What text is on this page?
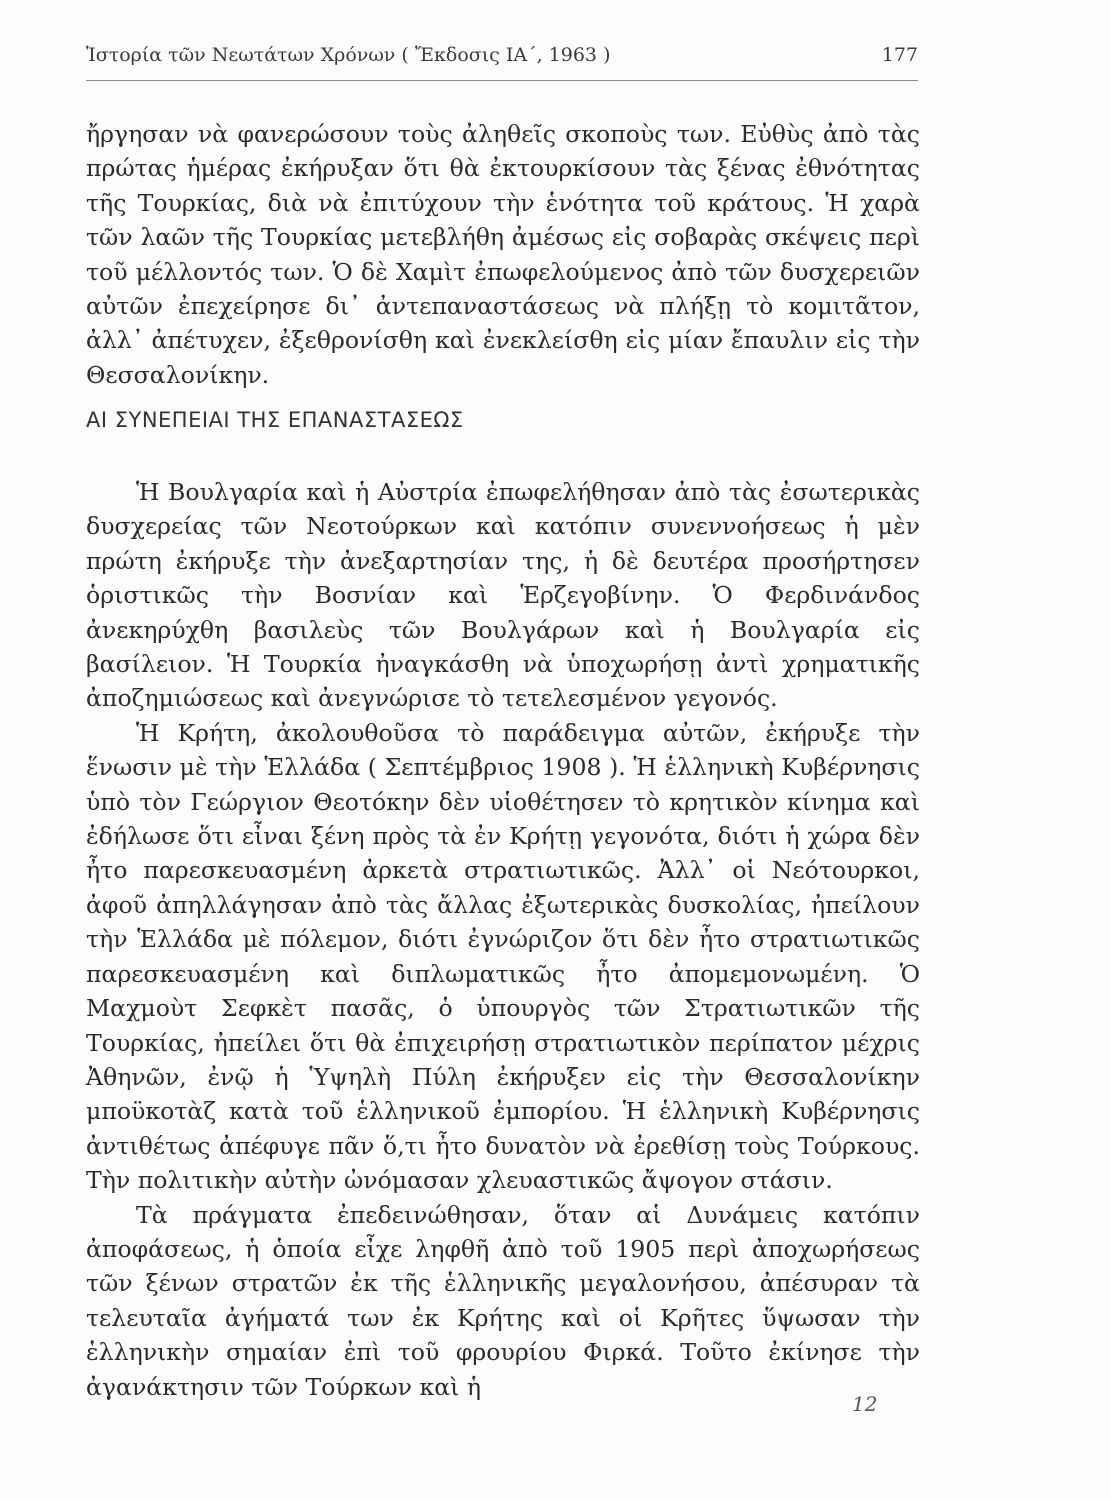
Ἱστορία τῶν Νεωτάτων Χρόνων ( Ἔκδοσις ΙΑ΄, 1963 )	177

ἤργησαν νὰ φανερώσουν τοὺς ἀληθεῖς σκοποὺς των. Εὐθὺς ἀπὸ τὰς πρώτας ἡμέρας ἐκήρυξαν ὅτι θὰ ἐκτουρκίσουν τὰς ξένας ἐθνότητας τῆς Τουρκίας, διὰ νὰ ἐπιτύχουν τὴν ἑνότητα τοῦ κράτους. Ἡ χαρὰ τῶν λαῶν τῆς Τουρκίας μετεβλήθη ἀμέσως εἰς σοβαρὰς σκέψεις περὶ τοῦ μέλλοντός των. Ὁ δὲ Χαμὶτ ἐπωφελούμενος ἀπὸ τῶν δυσχερειῶν αὐτῶν ἐπεχείρησε δι᾿ ἀντεπαναστάσεως νὰ πλήξῃ τὸ κομιτᾶτον, ἀλλ᾿ ἀπέτυχεν, ἐξεθρονίσθη καὶ ἐνεκλείσθη εἰς μίαν ἔπαυλιν εἰς τὴν Θεσσαλονίκην.

ΑΙ ΣΥΝΕΠΕΙΑΙ ΤΗΣ ΕΠΑΝΑΣΤΑΣΕΩΣ

Ἡ Βουλγαρία καὶ ἡ Αὐστρία ἐπωφελήθησαν ἀπὸ τὰς ἐσωτερικὰς δυσχερείας τῶν Νεοτούρκων καὶ κατόπιν συνεννοήσεως ἡ μὲν πρώτη ἐκήρυξε τὴν ἀνεξαρτησίαν της, ἡ δὲ δευτέρα προσήρτησεν ὁριστικῶς τὴν Βοσνίαν καὶ Ἑρζεγοβίνην. Ὁ Φερδινάνδος ἀνεκηρύχθη βασιλεὺς τῶν Βουλγάρων καὶ ἡ Βουλγαρία εἰς βασίλειον. Ἡ Τουρκία ἠναγκάσθη νὰ ὑποχωρήσῃ ἀντὶ χρηματικῆς ἀποζημιώσεως καὶ ἀνεγνώρισε τὸ τετελεσμένον γεγονός.

Ἡ Κρήτη, ἀκολουθοῦσα τὸ παράδειγμα αὐτῶν, ἐκήρυξε τὴν ἕνωσιν μὲ τὴν Ἑλλάδα ( Σεπτέμβριος 1908 ). Ἡ ἑλληνικὴ Κυβέρνησις ὑπὸ τὸν Γεώργιον Θεοτόκην δὲν υἱοθέτησεν τὸ κρητικὸν κίνημα καὶ ἐδήλωσε ὅτι εἶναι ξένη πρὸς τὰ ἐν Κρήτῃ γεγονότα, διότι ἡ χώρα δὲν ἦτο παρεσκευασμένη ἀρκετὰ στρατιωτικῶς. Ἀλλ᾿ οἱ Νεότουρκοι, ἀφοῦ ἀπηλλάγησαν ἀπὸ τὰς ἄλλας ἐξωτερικὰς δυσκολίας, ἠπείλουν τὴν Ἑλλάδα μὲ πόλεμον, διότι ἐγνώριζον ὅτι δὲν ἦτο στρατιωτικῶς παρεσκευασμένη καὶ διπλωματικῶς ἦτο ἀπομεμονωμένη. Ὁ Μαχμοὺτ Σεφκὲτ πασᾶς, ὁ ὑπουργὸς τῶν Στρατιωτικῶν τῆς Τουρκίας, ἠπείλει ὅτι θὰ ἐπιχειρήσῃ στρατιωτικὸν περίπατον μέχρις Ἀθηνῶν, ἐνῷ ἡ Ὑψηλὴ Πύλη ἐκήρυξεν εἰς τὴν Θεσσαλονίκην μποϋκοτὰζ κατὰ τοῦ ἑλληνικοῦ ἐμπορίου. Ἡ ἑλληνικὴ Κυβέρνησις ἀντιθέτως ἀπέφυγε πᾶν ὅ,τι ἦτο δυνατὸν νὰ ἐρεθίσῃ τοὺς Τούρκους. Τὴν πολιτικὴν αὐτὴν ὠνόμασαν χλευαστικῶς ἄψογον στάσιν.

Τὰ πράγματα ἐπεδεινώθησαν, ὅταν αἱ Δυνάμεις κατόπιν ἀποφάσεως, ἡ ὁποία εἶχε ληφθῆ ἀπὸ τοῦ 1905 περὶ ἀποχωρήσεως τῶν ξένων στρατῶν ἐκ τῆς ἑλληνικῆς μεγαλονήσου, ἀπέσυραν τὰ τελευταῖα ἀγήματά των ἐκ Κρήτης καὶ οἱ Κρῆτες ὕψωσαν τὴν ἑλληνικὴν σημαίαν ἐπὶ τοῦ φρουρίου Φιρκά. Τοῦτο ἐκίνησε τὴν ἀγανάκτησιν τῶν Τούρκων καὶ ἡ

12
